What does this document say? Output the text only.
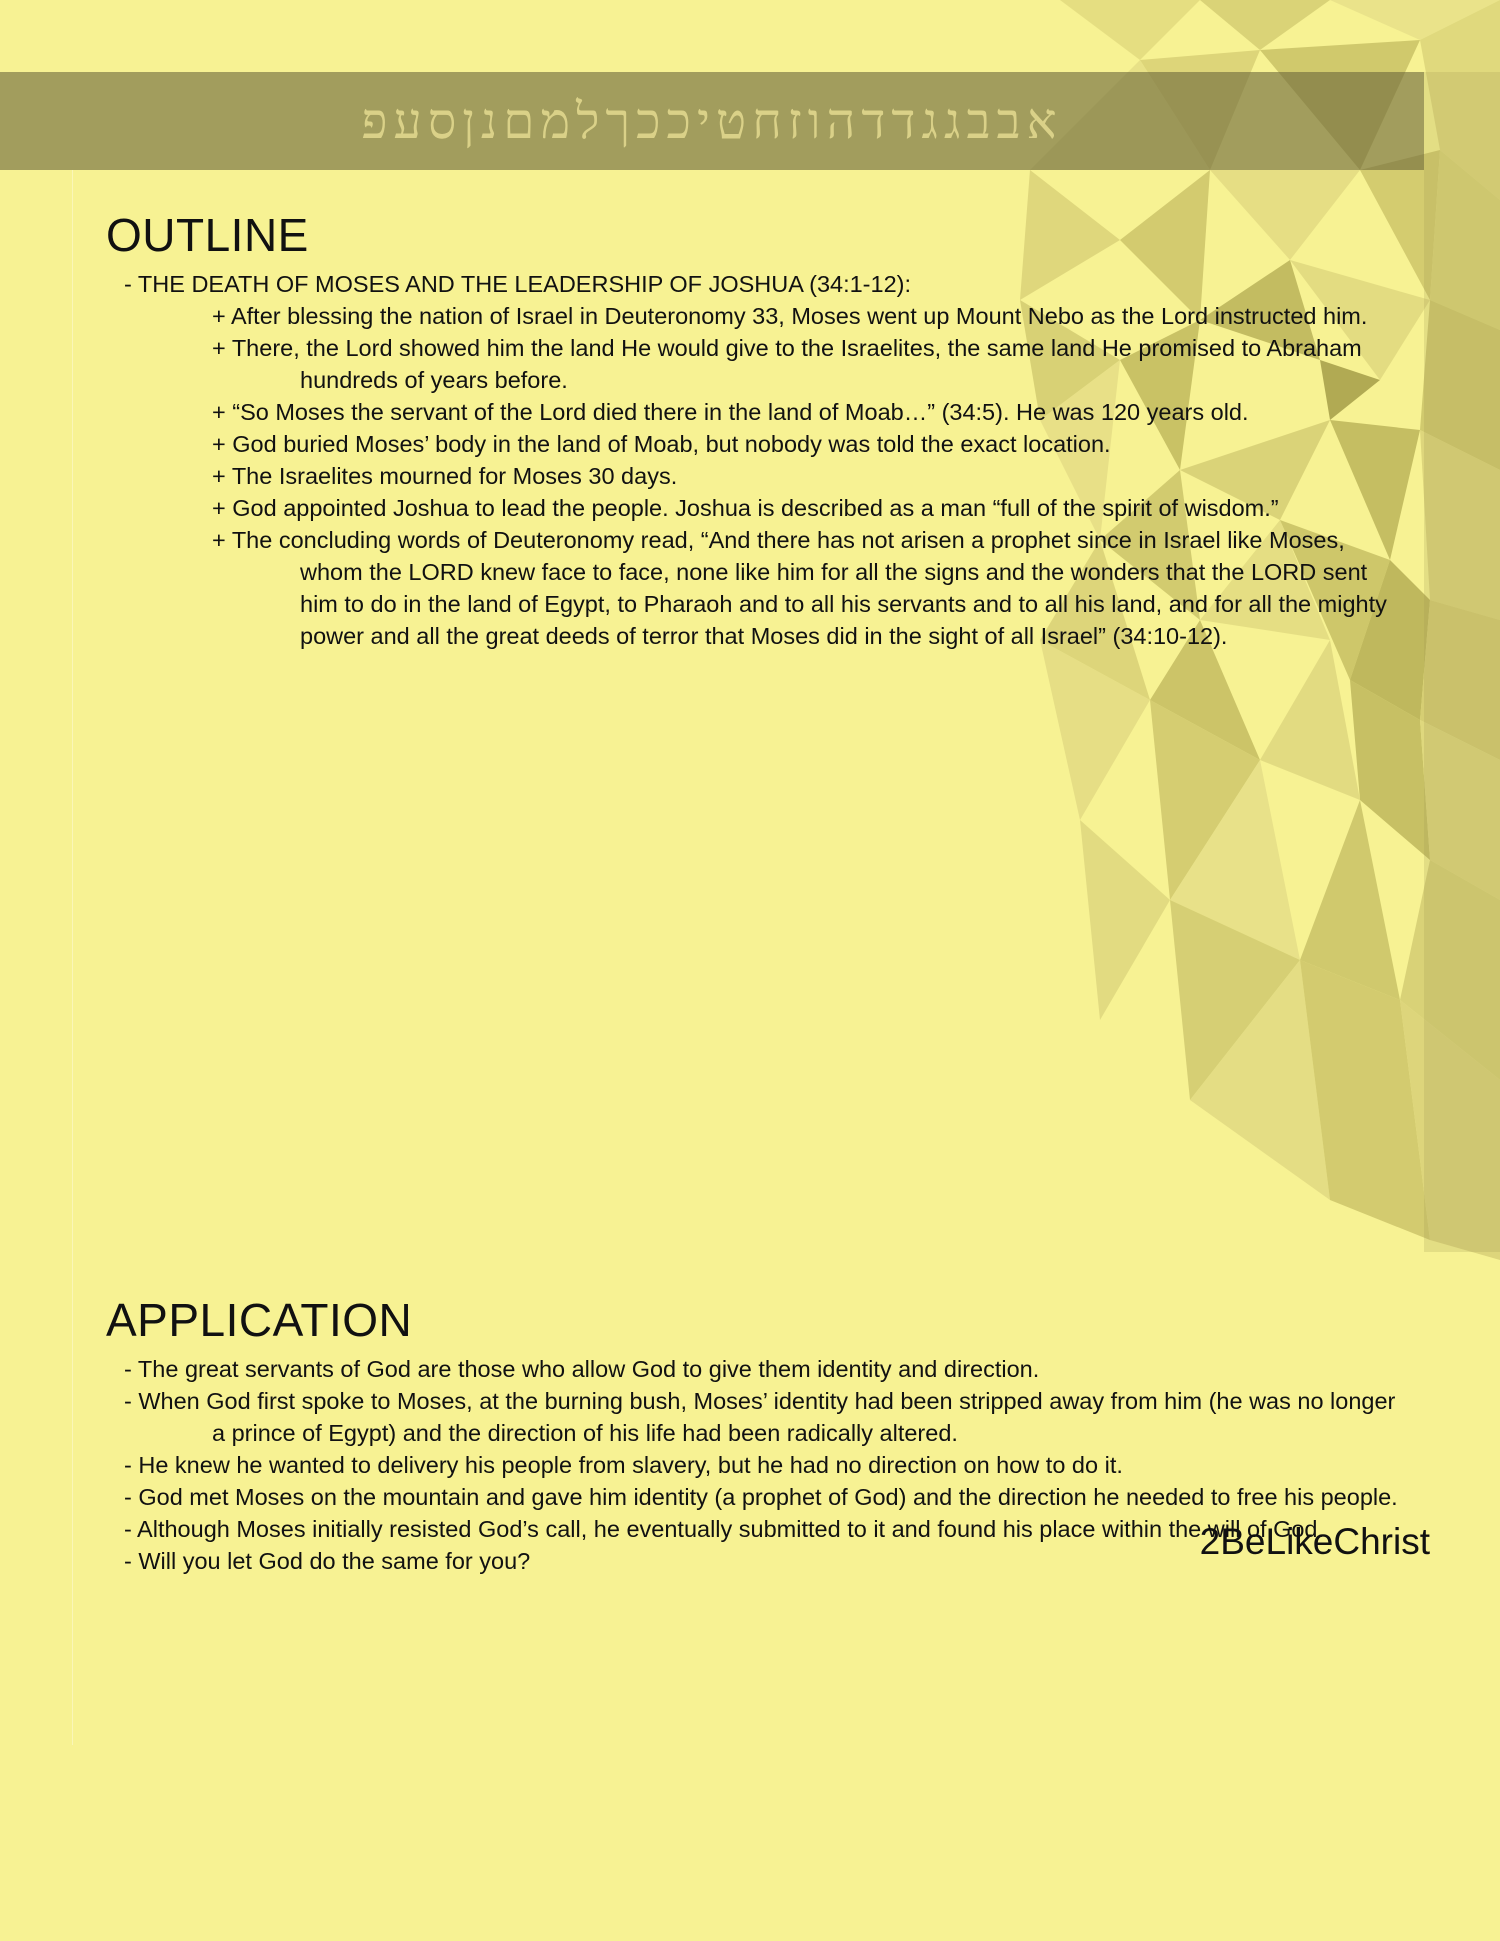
אבבגגדדהוזחטיככךלמםנןסעפ
OUTLINE
- THE DEATH OF MOSES AND THE LEADERSHIP OF JOSHUA (34:1-12):
+ After blessing the nation of Israel in Deuteronomy 33, Moses went up Mount Nebo as the Lord instructed him.
+ There, the Lord showed him the land He would give to the Israelites, the same land He promised to Abraham hundreds of years before.
+ “So Moses the servant of the Lord died there in the land of Moab…” (34:5). He was 120 years old.
+ God buried Moses’ body in the land of Moab, but nobody was told the exact location.
+ The Israelites mourned for Moses 30 days.
+ God appointed Joshua to lead the people. Joshua is described as a man “full of the spirit of wisdom.”
+ The concluding words of Deuteronomy read, “And there has not arisen a prophet since in Israel like Moses, whom the LORD knew face to face, none like him for all the signs and the wonders that the LORD sent him to do in the land of Egypt, to Pharaoh and to all his servants and to all his land, and for all the mighty power and all the great deeds of terror that Moses did in the sight of all Israel” (34:10-12).
APPLICATION
- The great servants of God are those who allow God to give them identity and direction.
- When God first spoke to Moses, at the burning bush, Moses’ identity had been stripped away from him (he was no longer a prince of Egypt) and the direction of his life had been radically altered.
- He knew he wanted to delivery his people from slavery, but he had no direction on how to do it.
- God met Moses on the mountain and gave him identity (a prophet of God) and the direction he needed to free his people.
- Although Moses initially resisted God’s call, he eventually submitted to it and found his place within the will of God.
- Will you let God do the same for you?	2BeLikeChrist
